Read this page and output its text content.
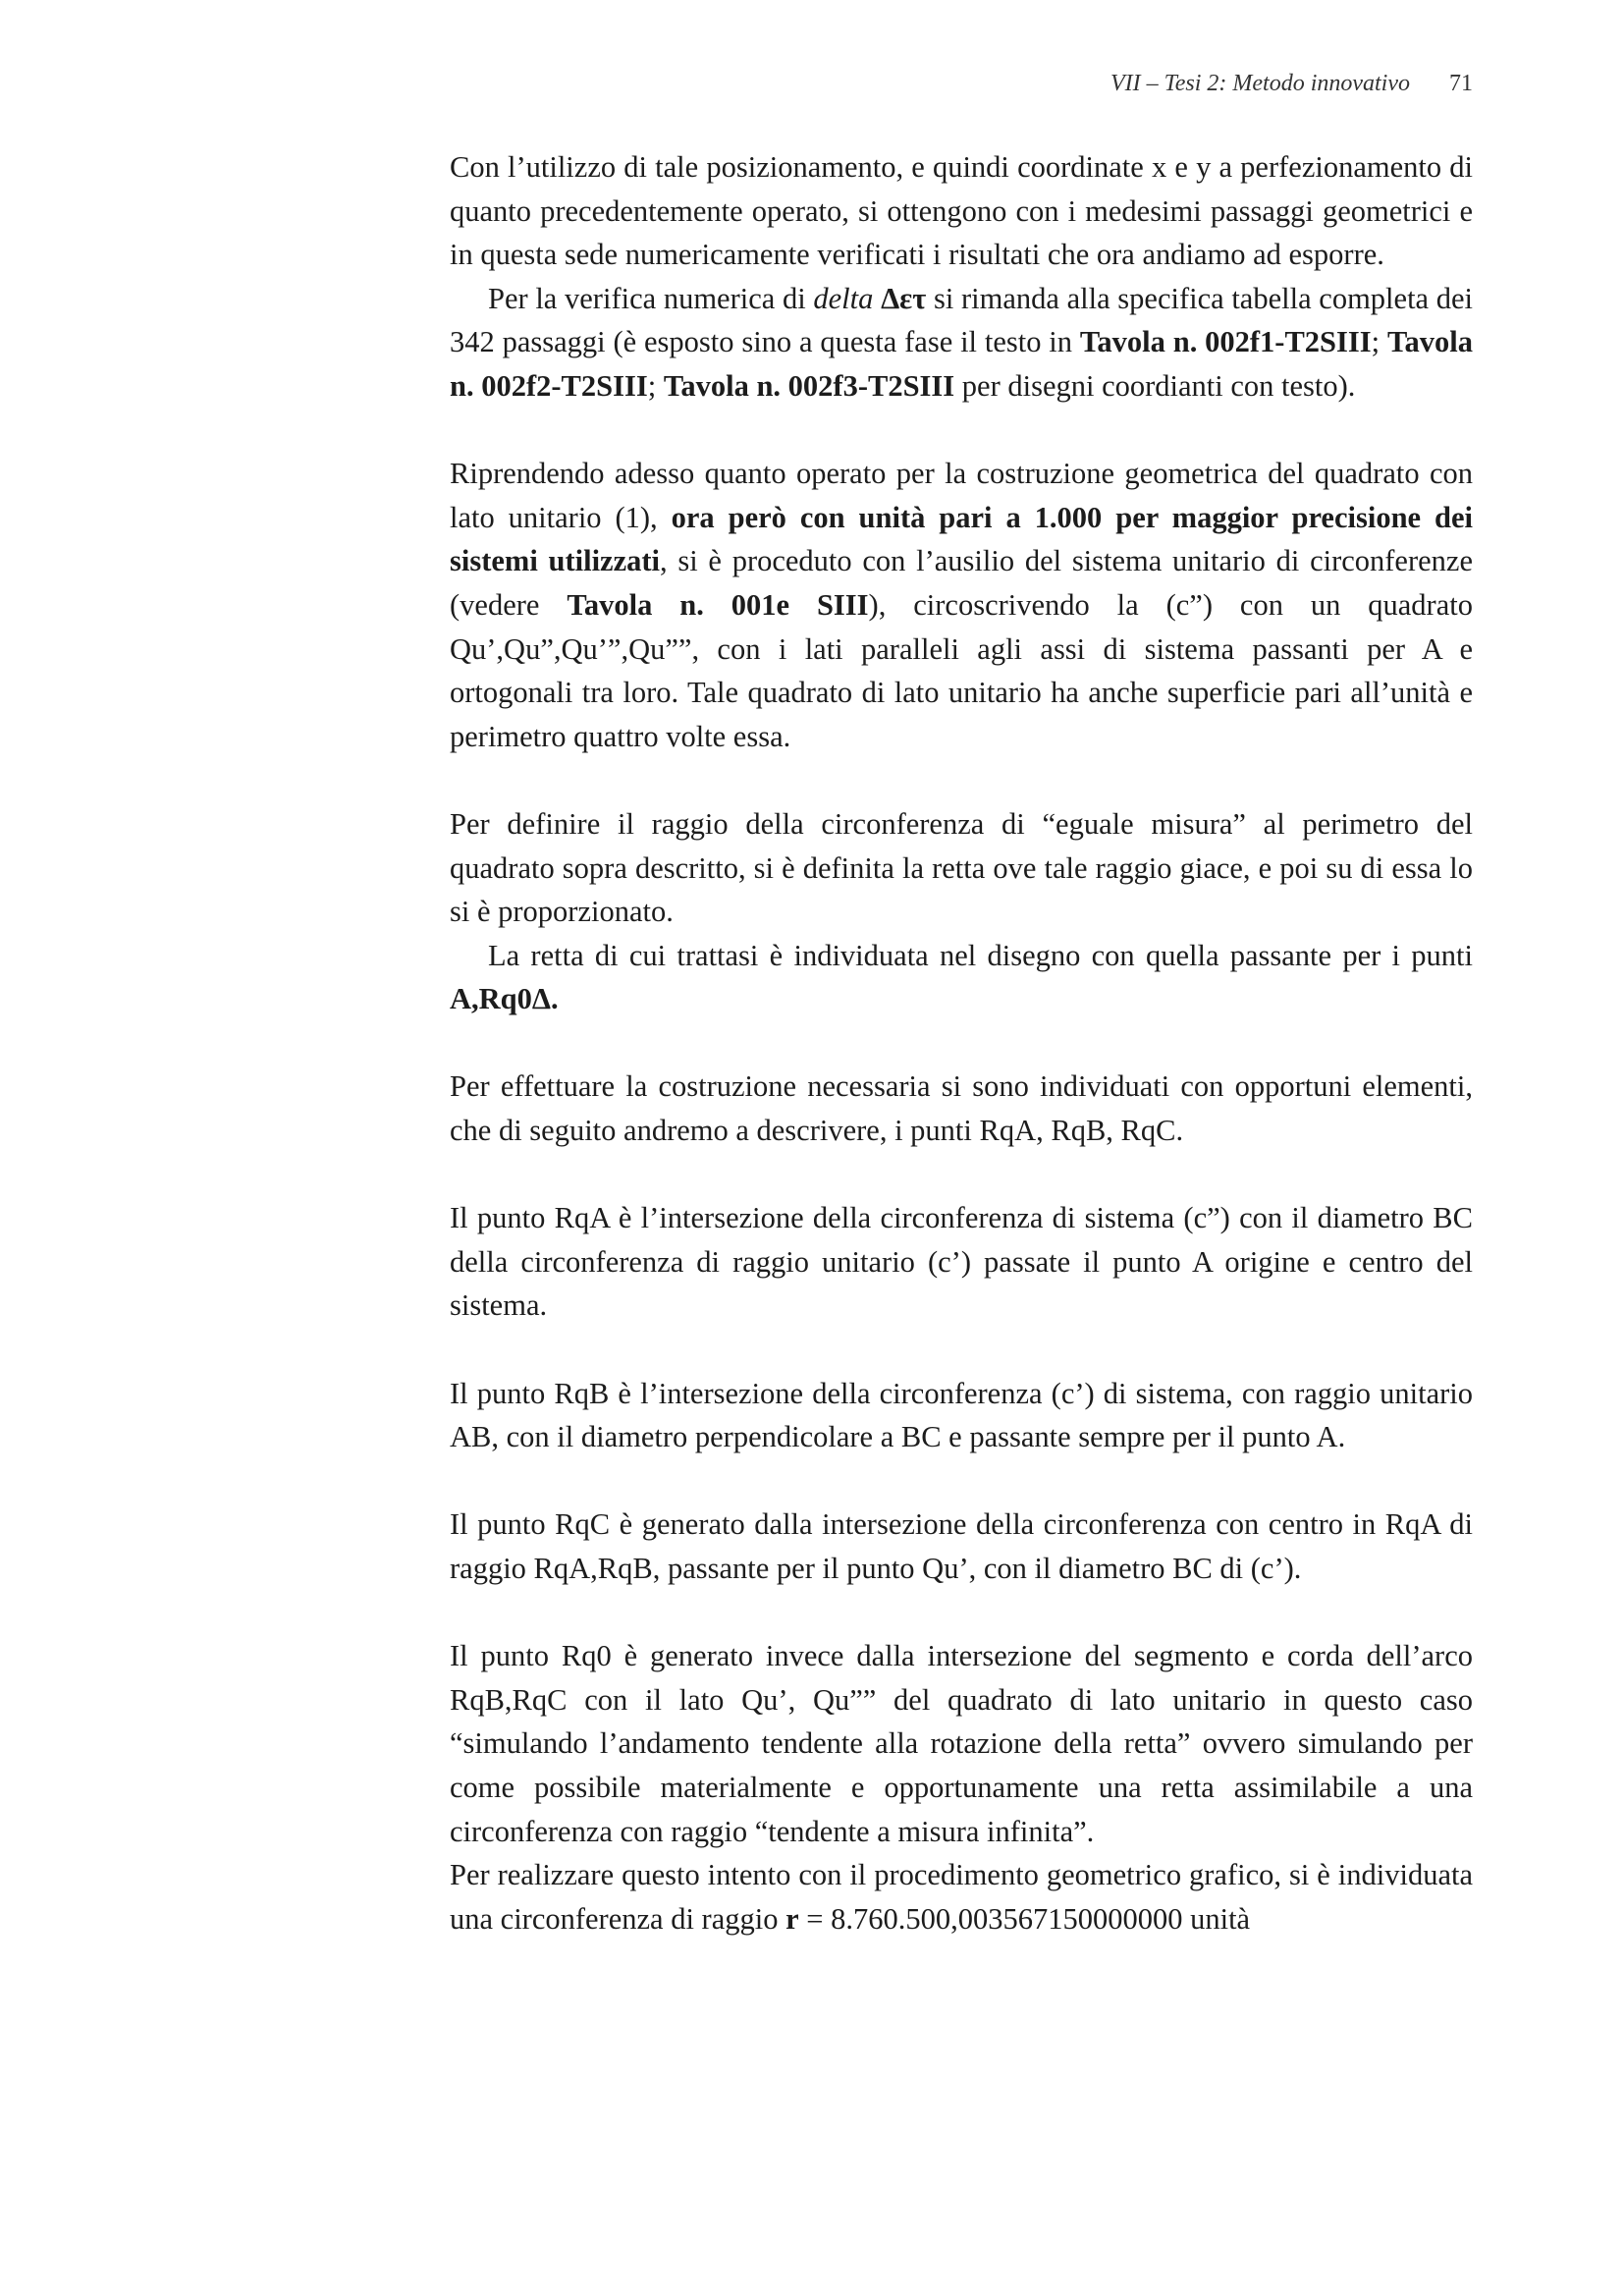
VII – Tesi 2: Metodo innovativo 71

Con l’utilizzo di tale posizionamento, e quindi coordinate x e y a perfezionamento di quanto precedentemente operato, si ottengono con i medesimi passaggi geometrici e in questa sede numericamente verificati i risultati che ora andiamo ad esporre.

Per la verifica numerica di delta Δετ si rimanda alla specifica tabella completa dei 342 passaggi (è esposto sino a questa fase il testo in Tavola n. 002f1-T2SIII; Tavola n. 002f2-T2SIII; Tavola n. 002f3-T2SIII per disegni coordianti con testo).

Riprendendo adesso quanto operato per la costruzione geometrica del quadrato con lato unitario (1), ora però con unità pari a 1.000 per maggior precisione dei sistemi utilizzati, si è proceduto con l’ausilio del sistema unitario di circonferenze (vedere Tavola n. 001e SIII), circoscrivendo la (c”) con un quadrato Qu’,Qu”,Qu’”,Qu””, con i lati paralleli agli assi di sistema passanti per A e ortogonali tra loro. Tale quadrato di lato unitario ha anche superficie pari all’unità e perimetro quattro volte essa.

Per definire il raggio della circonferenza di “eguale misura” al perimetro del quadrato sopra descritto, si è definita la retta ove tale raggio giace, e poi su di essa lo si è proporzionato.

La retta di cui trattasi è individuata nel disegno con quella passante per i punti A,Rq0Δ.

Per effettuare la costruzione necessaria si sono individuati con opportuni elementi, che di seguito andremo a descrivere, i punti RqA, RqB, RqC.

Il punto RqA è l’intersezione della circonferenza di sistema (c”) con il diametro BC della circonferenza di raggio unitario (c’) passate il punto A origine e centro del sistema.

Il punto RqB è l’intersezione della circonferenza (c’) di sistema, con raggio unitario AB, con il diametro perpendicolare a BC e passante sempre per il punto A.

Il punto RqC è generato dalla intersezione della circonferenza con centro in RqA di raggio RqA,RqB, passante per il punto Qu’, con il diametro BC di (c’).

Il punto Rq0 è generato invece dalla intersezione del segmento e corda dell’arco RqB,RqC con il lato Qu’, Qu”” del quadrato di lato unitario in questo caso “simulando l’andamento tendente alla rotazione della retta” ovvero simulando per come possibile materialmente e opportunamente una retta assimilabile a una circonferenza con raggio “tendente a misura infinita”.

Per realizzare questo intento con il procedimento geometrico grafico, si è individuata una circonferenza di raggio r = 8.760.500,003567150000000 unità
